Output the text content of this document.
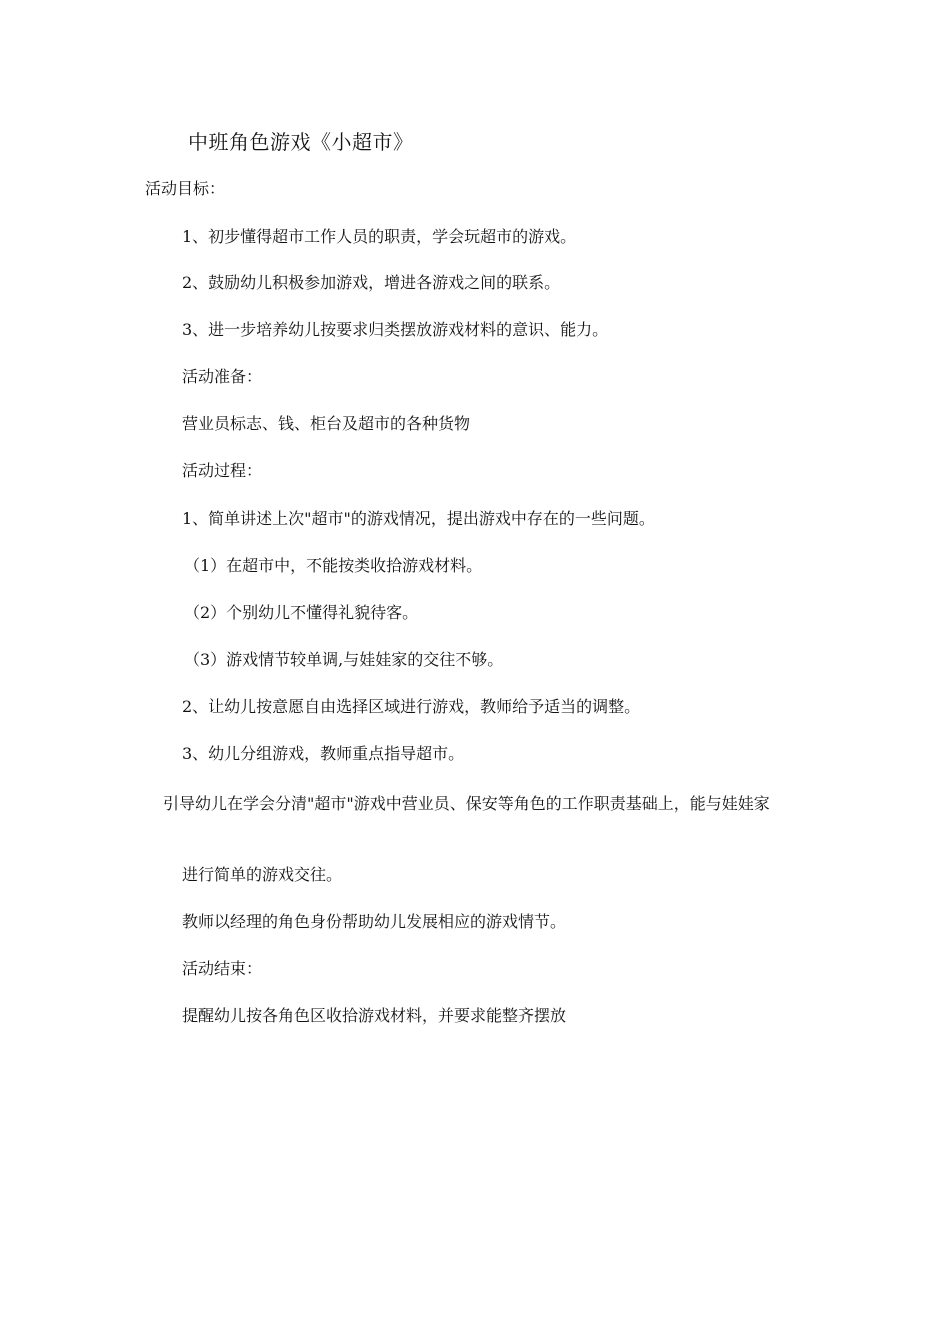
中班角色游戏《小超市》
活动目标：
1、初步懂得超市工作人员的职责，学会玩超市的游戏。
2、鼓励幼儿积极参加游戏，增进各游戏之间的联系。
3、进一步培养幼儿按要求归类摆放游戏材料的意识、能力。
活动准备：
营业员标志、钱、柜台及超市的各种货物
活动过程：
1、简单讲述上次"超市"的游戏情况，提出游戏中存在的一些问题。
（1）在超市中，不能按类收拾游戏材料。
（2）个别幼儿不懂得礼貌待客。
（3）游戏情节较单调,与娃娃家的交往不够。
2、让幼儿按意愿自由选择区域进行游戏，教师给予适当的调整。
3、幼儿分组游戏，教师重点指导超市。
引导幼儿在学会分清"超市"游戏中营业员、保安等角色的工作职责基础上，能与娃娃家
进行简单的游戏交往。
教师以经理的角色身份帮助幼儿发展相应的游戏情节。
活动结束：
提醒幼儿按各角色区收拾游戏材料，并要求能整齐摆放
